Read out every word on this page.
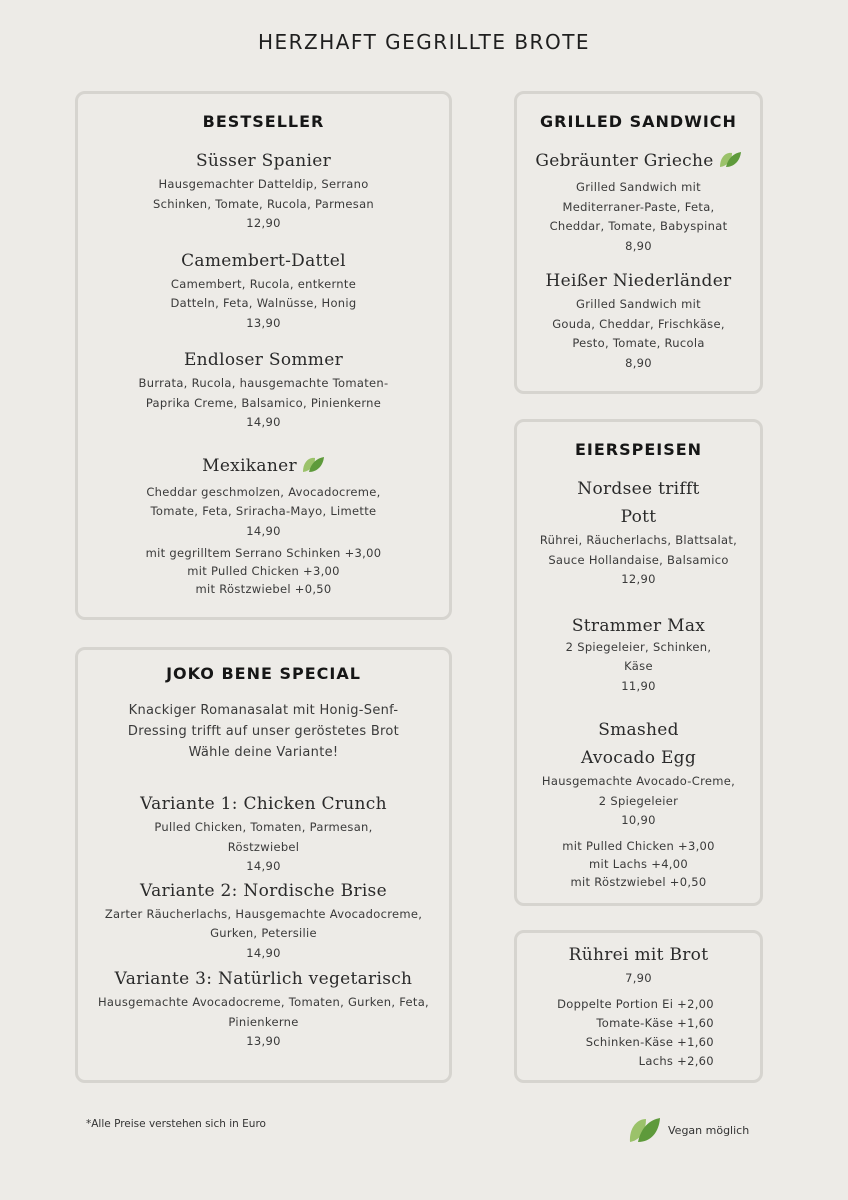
HERZHAFT GEGRILLTE BROTE
BESTSELLER
Süsser Spanier
Hausgemachter Datteldip, Serrano
Schinken, Tomate, Rucola, Parmesan
12,90
Camembert-Dattel
Camembert, Rucola, entkernte
Datteln, Feta, Walnüsse, Honig
13,90
Endloser Sommer
Burrata, Rucola, hausgemachte Tomaten-
Paprika Creme, Balsamico, Pinienkerne
14,90
Mexikaner
Cheddar geschmolzen, Avocadocreme,
Tomate, Feta, Sriracha-Mayo, Limette
14,90
mit gegrilltem Serrano Schinken +3,00
mit Pulled Chicken +3,00
mit Röstzwiebel +0,50
JOKO BENE SPECIAL
Knackiger Romanasalat mit Honig-Senf-
Dressing trifft auf unser geröstetes Brot
Wähle deine Variante!
Variante 1: Chicken Crunch
Pulled Chicken, Tomaten, Parmesan,
Röstzwiebel
14,90
Variante 2: Nordische Brise
Zarter Räucherlachs, Hausgemachte Avocadocreme,
Gurken, Petersilie
14,90
Variante 3: Natürlich vegetarisch
Hausgemachte Avocadocreme, Tomaten, Gurken, Feta,
Pinienkerne
13,90
GRILLED SANDWICH
Gebräunter Grieche
Grilled Sandwich mit
Mediterraner-Paste, Feta,
Cheddar, Tomate, Babyspinat
8,90
Heißer Niederländer
Grilled Sandwich mit
Gouda, Cheddar, Frischkäse,
Pesto, Tomate, Rucola
8,90
EIERSPEISEN
Nordsee trifft
Pott
Rührei, Räucherlachs, Blattsalat,
Sauce Hollandaise, Balsamico
12,90
Strammer Max
2 Spiegeleier, Schinken,
Käse
11,90
Smashed
Avocado Egg
Hausgemachte Avocado-Creme,
2 Spiegeleier
10,90
mit Pulled Chicken +3,00
mit Lachs +4,00
mit Röstzwiebel +0,50
Rührei mit Brot
7,90
Doppelte Portion Ei +2,00
Tomate-Käse +1,60
Schinken-Käse +1,60
Lachs +2,60
*Alle Preise verstehen sich in Euro	Vegan möglich
